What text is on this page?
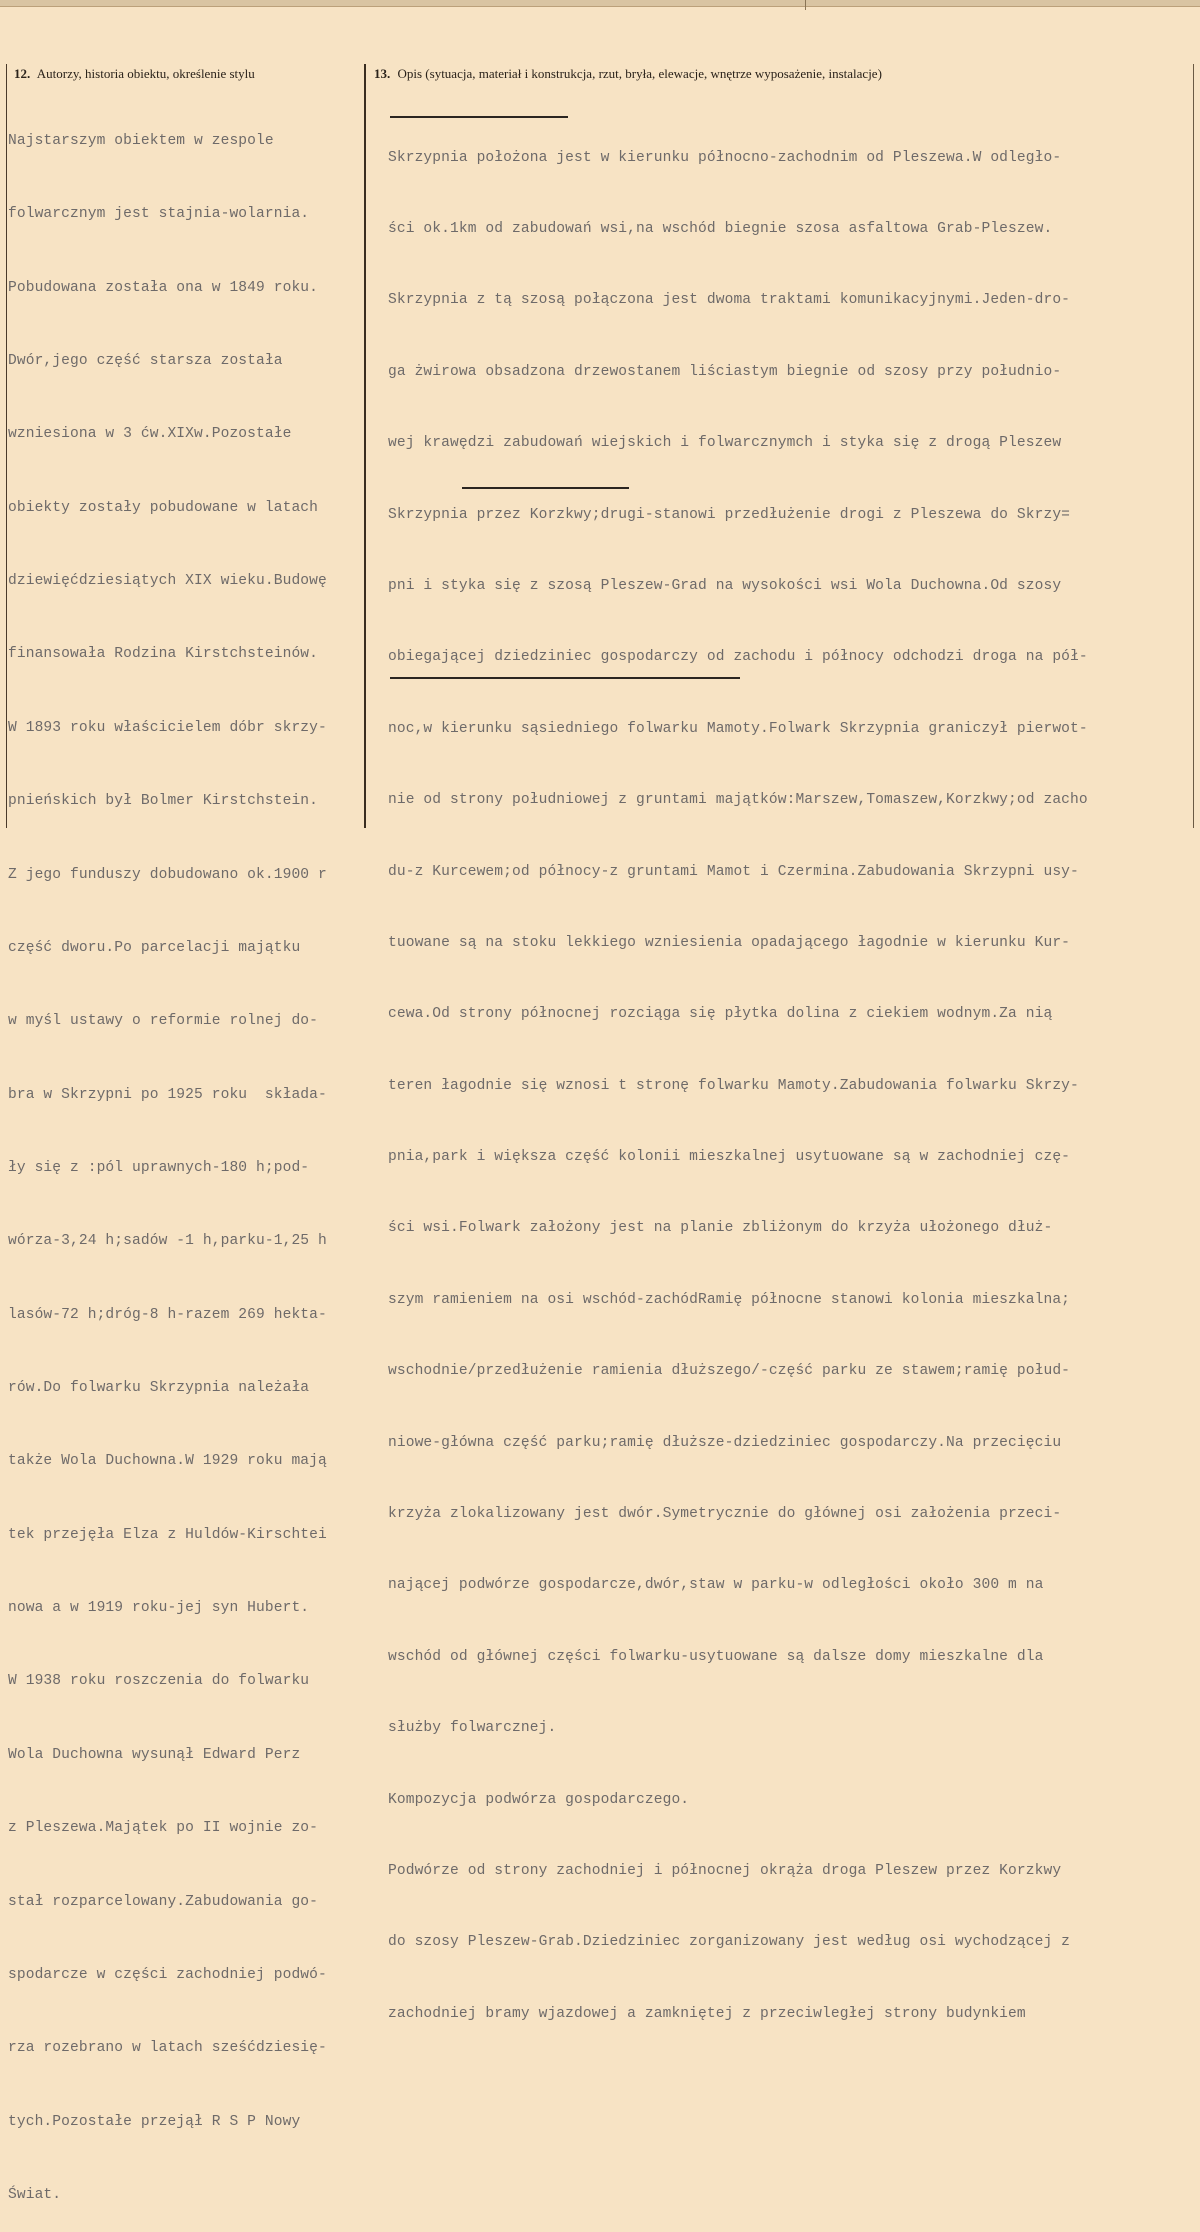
12. Autorzy, historia obiektu, określenie stylu	13. Opis (sytuacja, materiał i konstrukcja, rzut, bryła, elewacje, wnętrze wyposażenie, instalacje)

Najstarszym obiektem w zespole

folwarcznym jest stajnia-wolarnia.

Pobudowana została ona w 1849 roku.

Dwór,jego część starsza została

wzniesiona w 3 ćw.XIXw.Pozostałe

obiekty zostały pobudowane w latach

dziewięćdziesiątych XIX wieku.Budowę

finansowała Rodzina Kirstchsteinów.

W 1893 roku właścicielem dóbr skrzy-

pnieńskich był Bolmer Kirstchstein.

Z jego funduszy dobudowano ok.1900 r

część dworu.Po parcelacji majątku

w myśl ustawy o reformie rolnej do-

bra w Skrzypni po 1925 roku  składa-

ły się z :pól uprawnych-180 h;pod-

wórza-3,24 h;sadów -1 h,parku-1,25 h

lasów-72 h;dróg-8 h-razem 269 hekta-

rów.Do folwarku Skrzypnia należała

także Wola Duchowna.W 1929 roku mają

tek przejęła Elza z Huldów-Kirschtei

nowa a w 1919 roku-jej syn Hubert.

W 1938 roku roszczenia do folwarku

Wola Duchowna wysunął Edward Perz

z Pleszewa.Majątek po II wojnie zo-

stał rozparcelowany.Zabudowania go-

spodarcze w części zachodniej podwó-

rza rozebrano w latach sześćdziesię-

tych.Pozostałe przejął R S P Nowy

Świat.

Skrzypnia położona jest w kierunku północno-zachodnim od Pleszewa.W odległo-

ści ok.1km od zabudowań wsi,na wschód biegnie szosa asfaltowa Grab-Pleszew.

Skrzypnia z tą szosą połączona jest dwoma traktami komunikacyjnymi.Jeden-dro-

ga żwirowa obsadzona drzewostanem liściastym biegnie od szosy przy południo-

wej krawędzi zabudowań wiejskich i folwarcznymch i styka się z drogą Pleszew

Skrzypnia przez Korzkwy;drugi-stanowi przedłużenie drogi z Pleszewa do Skrzy=

pni i styka się z szosą Pleszew-Grad na wysokości wsi Wola Duchowna.Od szosy

obiegającej dziedziniec gospodarczy od zachodu i północy odchodzi droga na pół-

noc,w kierunku sąsiedniego folwarku Mamoty.Folwark Skrzypnia graniczył pierwot-

nie od strony południowej z gruntami majątków:Marszew,Tomaszew,Korzkwy;od zacho

du-z Kurcewem;od północy-z gruntami Mamot i Czermina.Zabudowania Skrzypni usy-

tuowane są na stoku lekkiego wzniesienia opadającego łagodnie w kierunku Kur-

cewa.Od strony północnej rozciąga się płytka dolina z ciekiem wodnym.Za nią

teren łagodnie się wznosi t stronę folwarku Mamoty.Zabudowania folwarku Skrzy-

pnia,park i większa część kolonii mieszkalnej usytuowane są w zachodniej czę-

ści wsi.Folwark założony jest na planie zbliżonym do krzyża ułożonego dłuż-

szym ramieniem na osi wschód-zachódRamię północne stanowi kolonia mieszkalna;

wschodnie/przedłużenie ramienia dłuższego/-część parku ze stawem;ramię połud-

niowe-główna część parku;ramię dłuższe-dziedziniec gospodarczy.Na przecięciu

krzyża zlokalizowany jest dwór.Symetrycznie do głównej osi założenia przeci-

nającej podwórze gospodarcze,dwór,staw w parku-w odległości około 300 m na

wschód od głównej części folwarku-usytuowane są dalsze domy mieszkalne dla

służby folwarcznej.

Kompozycja podwórza gospodarczego.

Podwórze od strony zachodniej i północnej okrąża droga Pleszew przez Korzkwy

do szosy Pleszew-Grab.Dziedziniec zorganizowany jest według osi wychodzącej z

zachodniej bramy wjazdowej a zamkniętej z przeciwległej strony budynkiem
